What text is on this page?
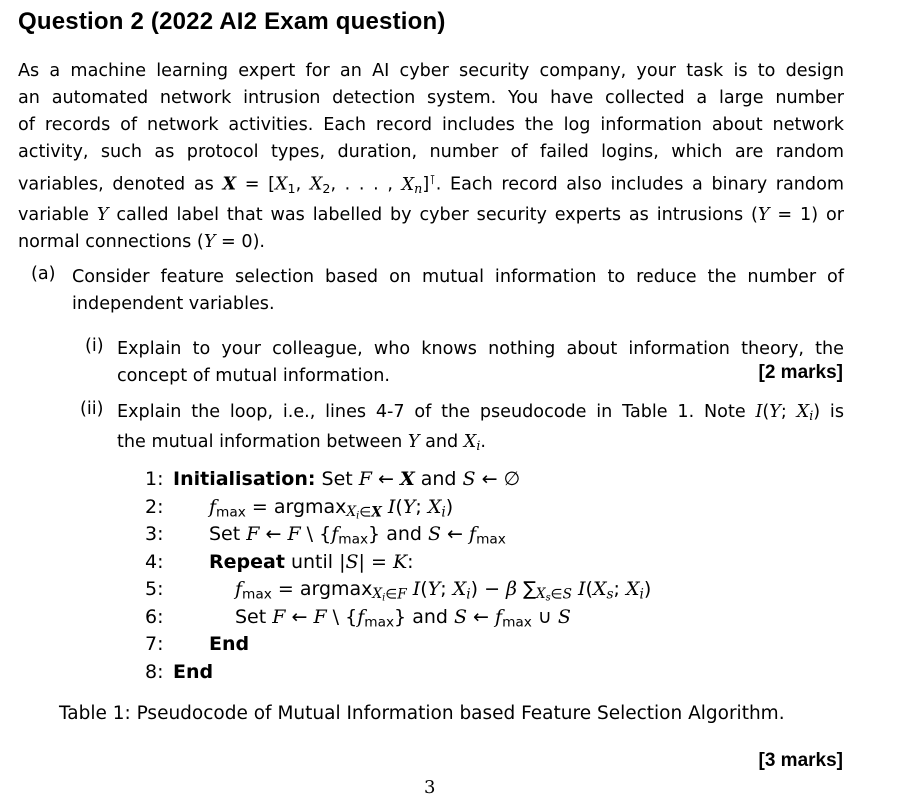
Question 2 (2022 AI2 Exam question)
As a machine learning expert for an AI cyber security company, your task is to design
an automated network intrusion detection system. You have collected a large number
of records of network activities. Each record includes the log information about network
activity, such as protocol types, duration, number of failed logins, which are random
variables, denoted as $X = [X_1$, $X_2$, . . . , $X_n]^⊺$. Each record also includes a binary random
variable Y called label that was labelled by cyber security experts as intrusions (Y = 1) or
normal connections (Y = 0).
(a) Consider feature selection based on mutual information to reduce the number of
independent variables.
(i) Explain to your colleague, who knows nothing about information theory, the
concept of mutual information.	[2 marks]
(ii) Explain the loop, i.e., lines 4-7 of the pseudocode in Table 1. Note I(Y; $X_i$) is
the mutual information between Y and $X_i$.
1: Initialisation: Set F ← X and S ← ∅
2:	$f_{max} = argmax_{X_i\in X}$ I(Y; $X_i$)
3:	Set F ← F \ $\{f_{max}\}$ and S ← $f_{max}$
4:	Repeat until |S| = K:
5:	$f_{max} = argmax_{X_i\in F}$ I(Y; $X_i) - \beta$ $\sum_{X_s\in S}$ $I(X_s$; $X_i$)
6:	Set F ← F \ $\{f_{max}\}$ and S ← $f_{max}$ ∪ S
7:	End
8: End
Table 1: Pseudocode of Mutual Information based Feature Selection Algorithm.
[3 marks]
3
